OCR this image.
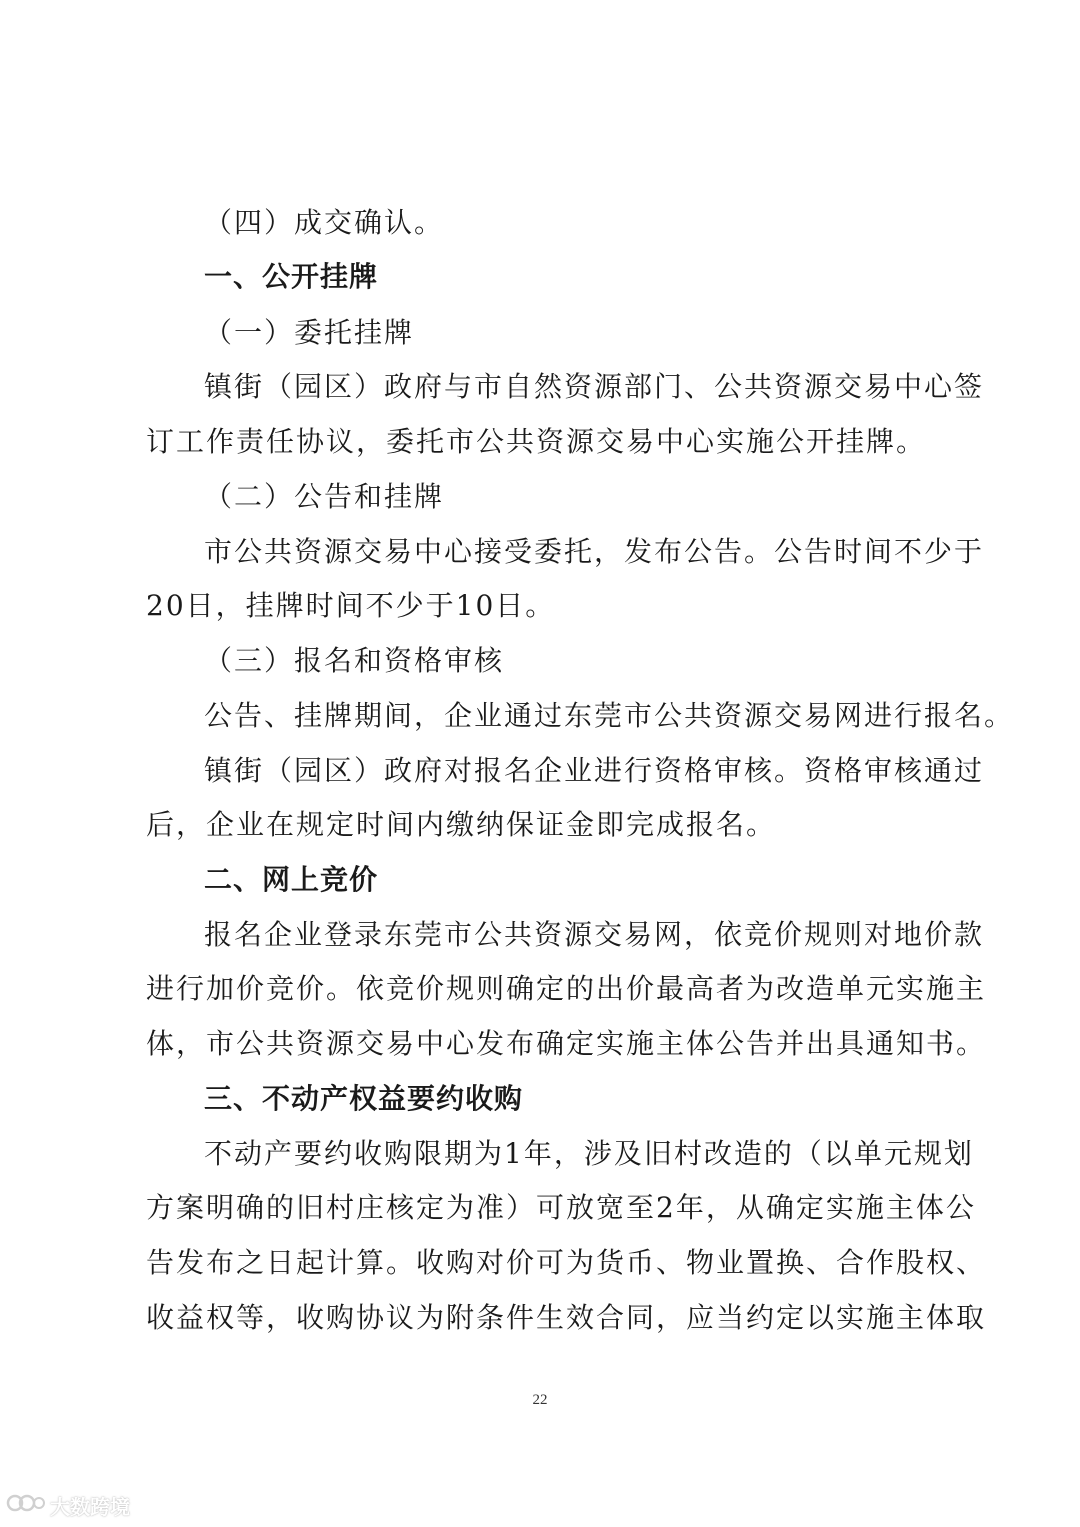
（四）成交确认。
一、公开挂牌
（一）委托挂牌
镇街（园区）政府与市自然资源部门、公共资源交易中心签
订工作责任协议，委托市公共资源交易中心实施公开挂牌。
（二）公告和挂牌
市公共资源交易中心接受委托，发布公告。公告时间不少于
20日，挂牌时间不少于10日。
（三）报名和资格审核
公告、挂牌期间，企业通过东莞市公共资源交易网进行报名。
镇街（园区）政府对报名企业进行资格审核。资格审核通过
后，企业在规定时间内缴纳保证金即完成报名。
二、网上竞价
报名企业登录东莞市公共资源交易网，依竞价规则对地价款
进行加价竞价。依竞价规则确定的出价最高者为改造单元实施主
体，市公共资源交易中心发布确定实施主体公告并出具通知书。
三、不动产权益要约收购
不动产要约收购限期为1年，涉及旧村改造的（以单元规划
方案明确的旧村庄核定为准）可放宽至2年，从确定实施主体公
告发布之日起计算。收购对价可为货币、物业置换、合作股权、
收益权等，收购协议为附条件生效合同，应当约定以实施主体取
22
大数跨境
